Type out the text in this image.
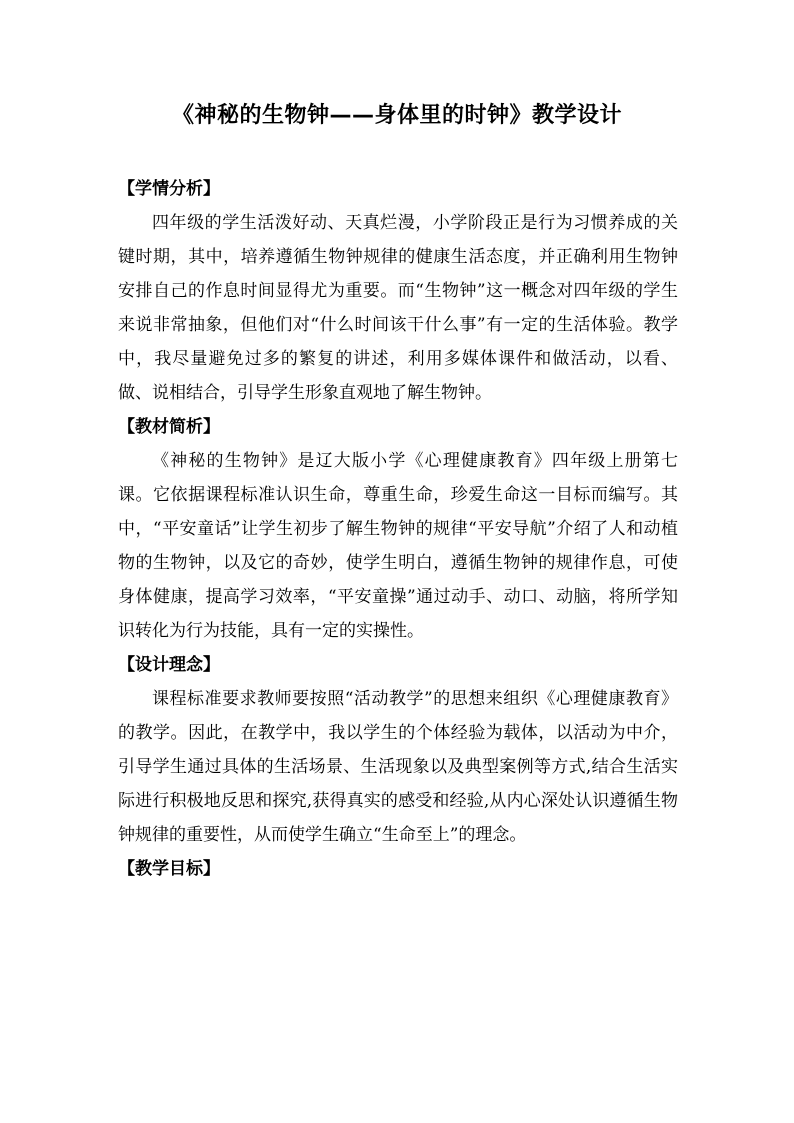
《神秘的生物钟——身体里的时钟》教学设计
【学情分析】

四年级的学生活泼好动、天真烂漫，小学阶段正是行为习惯养成的关键时期，其中，培养遵循生物钟规律的健康生活态度，并正确利用生物钟安排自己的作息时间显得尤为重要。而“生物钟”这一概念对四年级的学生来说非常抽象，但他们对“什么时间该干什么事”有一定的生活体验。教学中，我尽量避免过多的繁复的讲述，利用多媒体课件和做活动，以看、做、说相结合，引导学生形象直观地了解生物钟。

【教材简析】

《神秘的生物钟》是辽大版小学《心理健康教育》四年级上册第七课。它依据课程标准认识生命，尊重生命，珍爱生命这一目标而编写。其中，“平安童话”让学生初步了解生物钟的规律“平安导航”介绍了人和动植物的生物钟，以及它的奇妙，使学生明白，遵循生物钟的规律作息，可使身体健康，提高学习效率，“平安童操”通过动手、动口、动脑，将所学知识转化为行为技能，具有一定的实操性。

【设计理念】

课程标准要求教师要按照“活动教学”的思想来组织《心理健康教育》的教学。因此，在教学中，我以学生的个体经验为载体，以活动为中介，引导学生通过具体的生活场景、生活现象以及典型案例等方式,结合生活实际进行积极地反思和探究,获得真实的感受和经验,从内心深处认识遵循生物钟规律的重要性，从而使学生确立“生命至上”的理念。

【教学目标】
